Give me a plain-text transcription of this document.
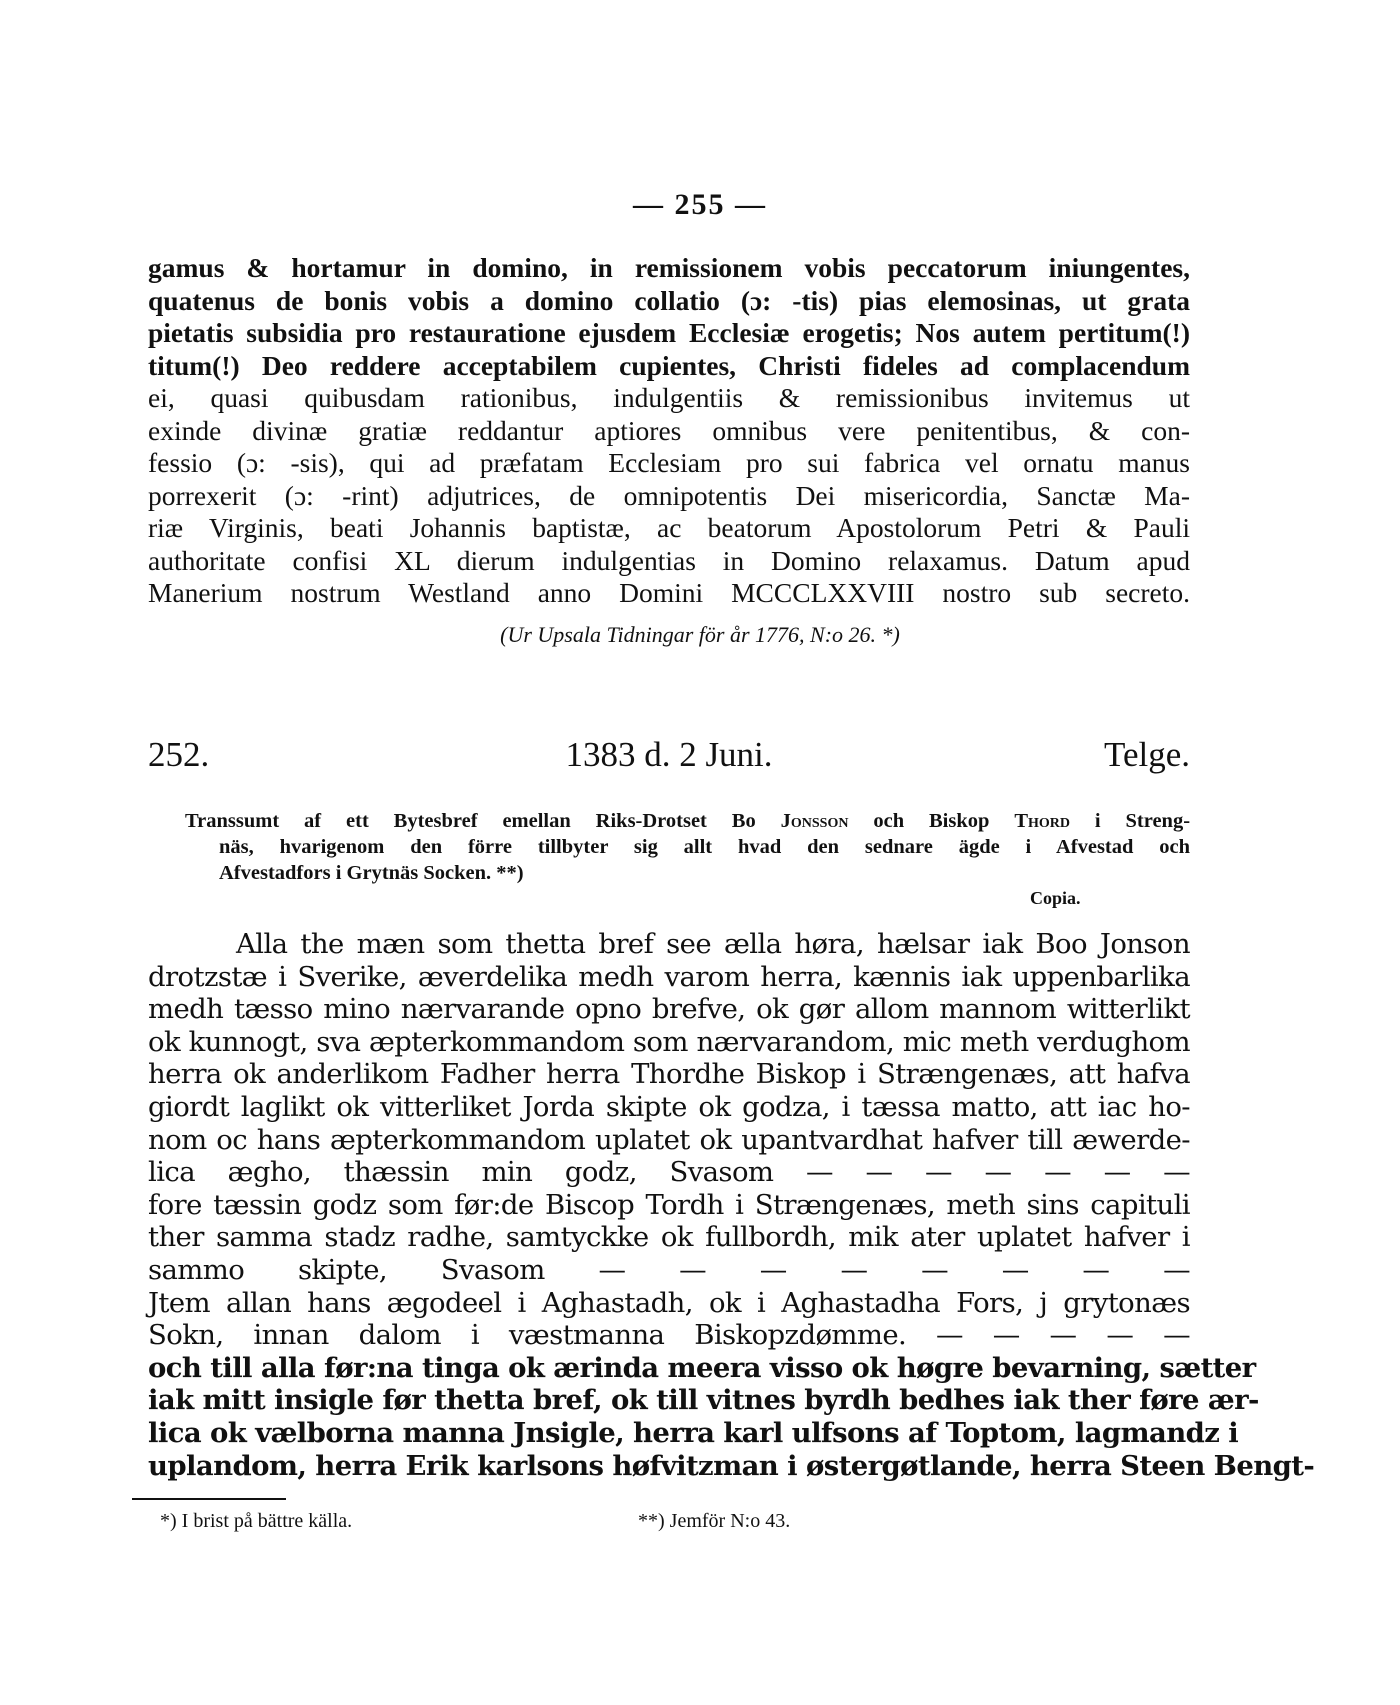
— 255 —
gamus & hortamur in domino, in remissionem vobis peccatorum iniungentes,
quatenus de bonis vobis a domino collatio (ɔ: -tis) pias elemosinas, ut grata
pietatis subsidia pro restauratione ejusdem Ecclesiæ erogetis; Nos autem pertitum(!)
titum(!) Deo reddere acceptabilem cupientes, Christi fideles ad complacendum
ei, quasi quibusdam rationibus, indulgentiis & remissionibus invitemus ut
exinde divinæ gratiæ reddantur aptiores omnibus vere penitentibus, & con-
fessio (ɔ: -sis), qui ad præfatam Ecclesiam pro sui fabrica vel ornatu manus
porrexerit (ɔ: -rint) adjutrices, de omnipotentis Dei misericordia, Sanctæ Ma-
riæ Virginis, beati Johannis baptistæ, ac beatorum Apostolorum Petri & Pauli
authoritate confisi XL dierum indulgentias in Domino relaxamus. Datum apud
Manerium nostrum Westland anno Domini MCCCLXXVIII nostro sub secreto.
(Ur Upsala Tidningar för år 1776, N:o 26. *)
252.	1383 d. 2 Juni.	Telge.
Transsumt af ett Bytesbref emellan Riks-Drotset Bo Jonsson och Biskop Thord i Streng-
näs, hvarigenom den förre tillbyter sig allt hvad den sednare ägde i Afvestad och
Afvestadfors i Grytnäs Socken. **)
Copia.
Alla the mæn som thetta bref see ælla høra, hælsar iak Boo Jonson
drotzstæ i Sverike, æverdelika medh varom herra, kænnis iak uppenbarlika
medh tæsso mino nærvarande opno brefve, ok gør allom mannom witterlikt
ok kunnogt, sva æpterkommandom som nærvarandom, mic meth verdughom
herra ok anderlikom Fadher herra Thordhe Biskop i Strængenæs, att hafva
giordt laglikt ok vitterliket Jorda skipte ok godza, i tæssa matto, att iac ho-
nom oc hans æpterkommandom uplatet ok upantvardhat hafver till æwerde-
lica ægho, thæssin min godz, Svasom — — — — — — —
fore tæssin godz som før:de Biscop Tordh i Strængenæs, meth sins capituli
ther samma stadz radhe, samtyckke ok fullbordh, mik ater uplatet hafver i
sammo skipte, Svasom — — — — — — — —
Jtem allan hans ægodeel i Aghastadh, ok i Aghastadha Fors, j grytonæs
Sokn, innan dalom i væstmanna Biskopzdømme. — — — — —
och till alla før:na tinga ok ærinda meera visso ok høgre bevarning, sætter
iak mitt insigle før thetta bref, ok till vitnes byrdh bedhes iak ther føre ær-
lica ok vælborna manna Jnsigle, herra karl ulfsons af Toptom, lagmandz i
uplandom, herra Erik karlsons høfvitzman i østergøtlande, herra Steen Bengt-
*) I brist på bättre källa.	**) Jemför N:o 43.
